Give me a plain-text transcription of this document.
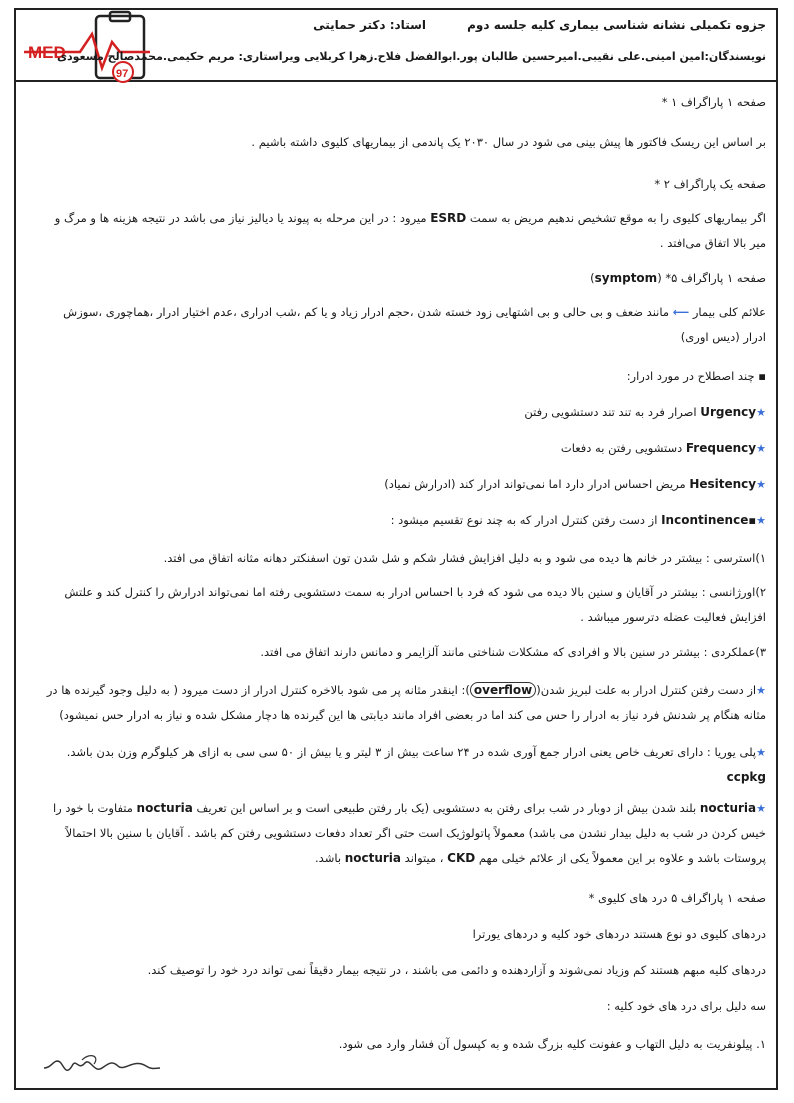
MED
97
جزوه تکمیلی نشانه شناسی بیماری کلیه جلسه دوم
استاد: دکتر حمایتی
نویسندگان:امین امینی.علی نقیبی.امیرحسین طالبان پور.ابوالفضل فلاح.زهرا کربلایی ویراستاری: مریم حکیمی.محمدصالح مسعودی
صفحه ۱ پاراگراف ۱ *
بر اساس این ریسک فاکتور ها پیش بینی می شود در سال ۲۰۳۰ یک پاندمی از بیماریهای کلیوی داشته باشیم .
صفحه یک پاراگراف ۲ *
اگر بیماریهای کلیوی را به موقع تشخیص ندهیم مریض به سمت ESRD میرود : در این مرحله به پیوند یا دیالیز نیاز می باشد در نتیجه هزینه ها و مرگ و میر بالا اتفاق می‌افتد .
صفحه ۱ پاراگراف ۵* (symptom)
علائم کلی بیمار ⟵ مانند ضعف و بی حالی و بی اشتهایی زود خسته شدن ،حجم ادرار زیاد و یا کم ،شب ادراری ،عدم اختیار ادرار ،هماچوری ،سوزش ادرار (دیس اوری)
▪ چند اصطلاح در مورد ادرار:
★Urgency اصرار فرد به تند تند دستشویی رفتن
★Frequency دستشویی رفتن به دفعات
★Hesitency مریض احساس ادرار دارد اما نمی‌تواند ادرار کند (ادرارش نمیاد)
★▪Incontinence از دست رفتن کنترل ادرار که به چند نوع تقسیم میشود :
۱)استرسی : بیشتر در خانم ها دیده می شود و به دلیل افزایش فشار شکم و شل شدن تون اسفنکتر دهانه مثانه اتفاق می افتد.
۲)اورژانسی : بیشتر در آقایان و سنین بالا دیده می شود که فرد با احساس ادرار به سمت دستشویی رفته اما نمی‌تواند ادرارش را کنترل کند و علتش افزایش فعالیت عضله دترسور میباشد .
۳)عملکردی : بیشتر در سنین بالا و افرادی که مشکلات شناختی مانند آلزایمر و دمانس دارند اتفاق می افتد.
★از دست رفتن کنترل ادرار به علت لبریز شدن(overflow): اینقدر مثانه پر می شود بالاخره کنترل ادرار از دست میرود ( به دلیل وجود گیرنده ها در مثانه هنگام پر شدنش فرد نیاز به ادرار را حس می کند اما در بعضی افراد مانند دیابتی ها این گیرنده ها دچار مشکل شده و نیاز به ادرار حس نمیشود)
★پلی یوریا : دارای تعریف خاص یعنی ادرار جمع آوری شده در ۲۴ ساعت بیش از ۳ لیتر و یا بیش از ۵۰ سی سی به ازای هر کیلوگرم وزن بدن باشد. ccpkg
★nocturia بلند شدن بیش از دوبار در شب برای رفتن به دستشویی (یک بار رفتن طبیعی است و بر اساس این تعریف nocturia متفاوت با خود را خیس کردن در شب به دلیل بیدار نشدن می باشد) معمولاً پاتولوژیک است حتی اگر تعداد دفعات دستشویی رفتن کم باشد . آقایان با سنین بالا احتمالاً پروستات باشد و علاوه بر این معمولاً یکی از علائم خیلی مهم CKD ، میتواند nocturia باشد.
صفحه ۱ پاراگراف ۵ درد های کلیوی *
دردهای کلیوی دو نوع هستند دردهای خود کلیه و دردهای یورترا
دردهای کلیه مبهم هستند کم وزیاد نمی‌شوند و آزاردهنده و دائمی می باشند ، در نتیجه بیمار دقیقاً نمی تواند درد خود را توصیف کند.
سه دلیل برای درد های خود کلیه :
۱. پیلونفریت به دلیل التهاب و عفونت کلیه بزرگ شده و به کپسول آن فشار وارد می شود.
